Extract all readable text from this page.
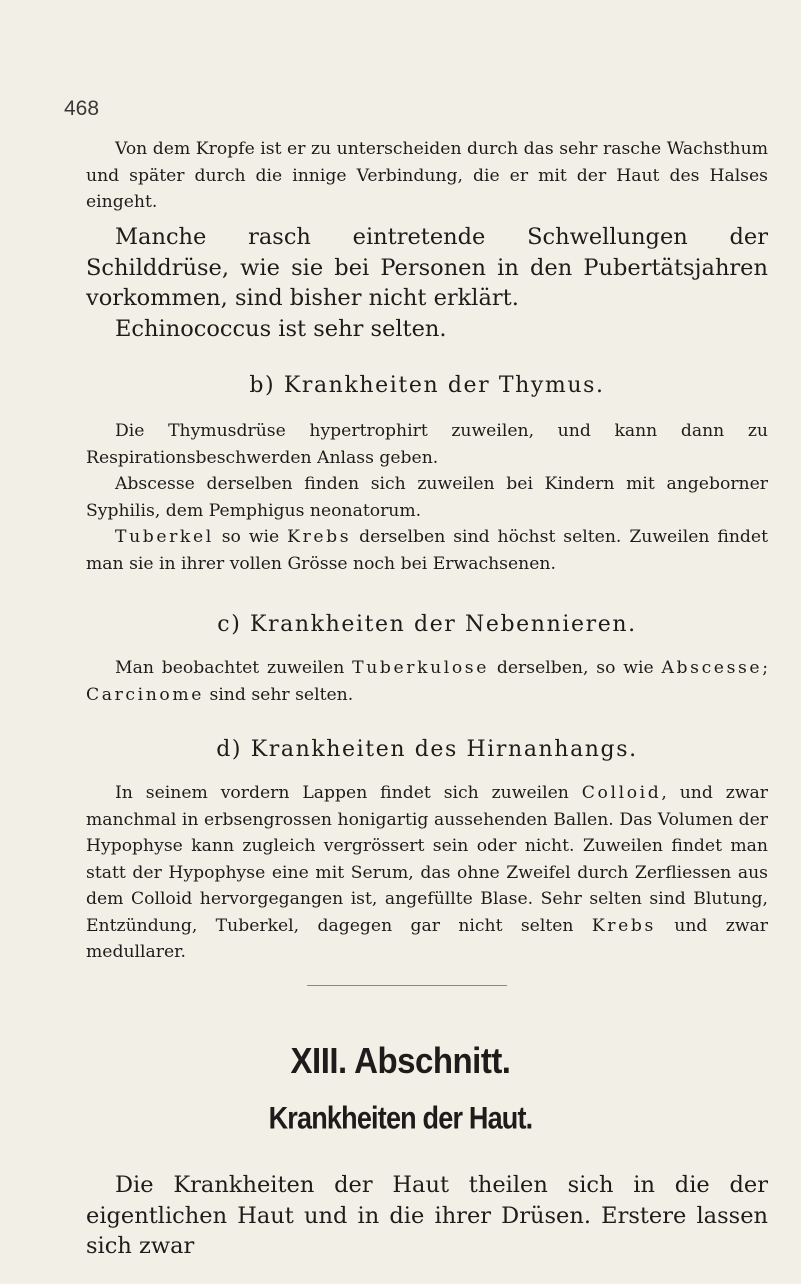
468

Von dem Kropfe ist er zu unterscheiden durch das sehr rasche Wachsthum und später durch die innige Verbindung, die er mit der Haut des Halses eingeht.

Manche rasch eintretende Schwellungen der Schilddrüse, wie sie bei Personen in den Pubertätsjahren vorkommen, sind bisher nicht erklärt.

Echinococcus ist sehr selten.

b) Krankheiten der Thymus.

Die Thymusdrüse hypertrophirt zuweilen, und kann dann zu Respirationsbeschwerden Anlass geben.

Abscesse derselben finden sich zuweilen bei Kindern mit angeborner Syphilis, dem Pemphigus neonatorum.

Tuberkel so wie Krebs derselben sind höchst selten. Zuweilen findet man sie in ihrer vollen Grösse noch bei Erwachsenen.

c) Krankheiten der Nebennieren.

Man beobachtet zuweilen Tuberkulose derselben, so wie Abscesse; Carcinome sind sehr selten.

d) Krankheiten des Hirnanhangs.

In seinem vordern Lappen findet sich zuweilen Colloid, und zwar manchmal in erbsengrossen honigartig aussehenden Ballen. Das Volumen der Hypophyse kann zugleich vergrössert sein oder nicht. Zuweilen findet man statt der Hypophyse eine mit Serum, das ohne Zweifel durch Zerfliessen aus dem Colloid hervorgegangen ist, angefüllte Blase. Sehr selten sind Blutung, Entzündung, Tuberkel, dagegen gar nicht selten Krebs und zwar medullarer.

XIII. Abschnitt.
Krankheiten der Haut.

Die Krankheiten der Haut theilen sich in die der eigentlichen Haut und in die ihrer Drüsen. Erstere lassen sich zwar
